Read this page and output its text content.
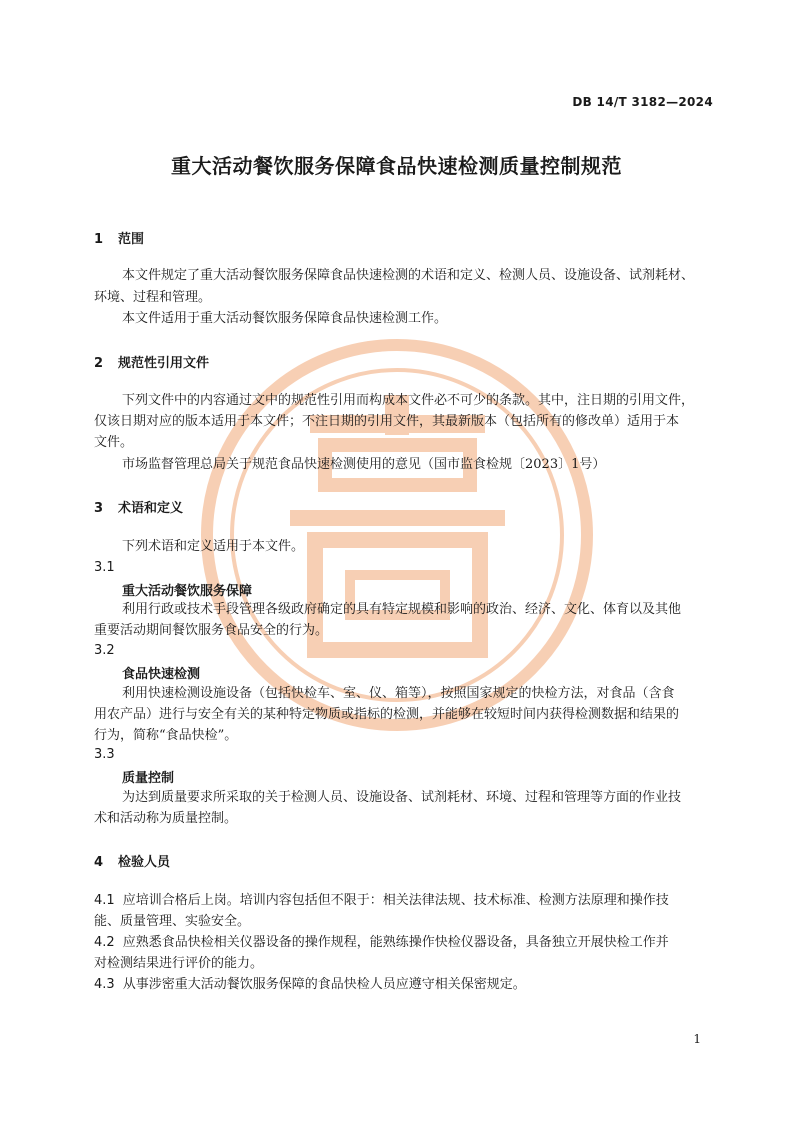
DB 14/T 3182—2024
重大活动餐饮服务保障食品快速检测质量控制规范
1 范围
本文件规定了重大活动餐饮服务保障食品快速检测的术语和定义、检测人员、设施设备、试剂耗材、
环境、过程和管理。
本文件适用于重大活动餐饮服务保障食品快速检测工作。
2 规范性引用文件
下列文件中的内容通过文中的规范性引用而构成本文件必不可少的条款。其中，注日期的引用文件，
仅该日期对应的版本适用于本文件；不注日期的引用文件，其最新版本（包括所有的修改单）适用于本
文件。
市场监督管理总局关于规范食品快速检测使用的意见（国市监食检规〔2023〕1号）
3 术语和定义
下列术语和定义适用于本文件。
3.1
重大活动餐饮服务保障
利用行政或技术手段管理各级政府确定的具有特定规模和影响的政治、经济、文化、体育以及其他
重要活动期间餐饮服务食品安全的行为。
3.2
食品快速检测
利用快速检测设施设备（包括快检车、室、仪、箱等），按照国家规定的快检方法，对食品（含食
用农产品）进行与安全有关的某种特定物质或指标的检测，并能够在较短时间内获得检测数据和结果的
行为，简称“食品快检”。
3.3
质量控制
为达到质量要求所采取的关于检测人员、设施设备、试剂耗材、环境、过程和管理等方面的作业技
术和活动称为质量控制。
4 检验人员
4.1 应培训合格后上岗。培训内容包括但不限于：相关法律法规、技术标准、检测方法原理和操作技
能、质量管理、实验安全。
4.2 应熟悉食品快检相关仪器设备的操作规程，能熟练操作快检仪器设备，具备独立开展快检工作并
对检测结果进行评价的能力。
4.3 从事涉密重大活动餐饮服务保障的食品快检人员应遵守相关保密规定。
1
